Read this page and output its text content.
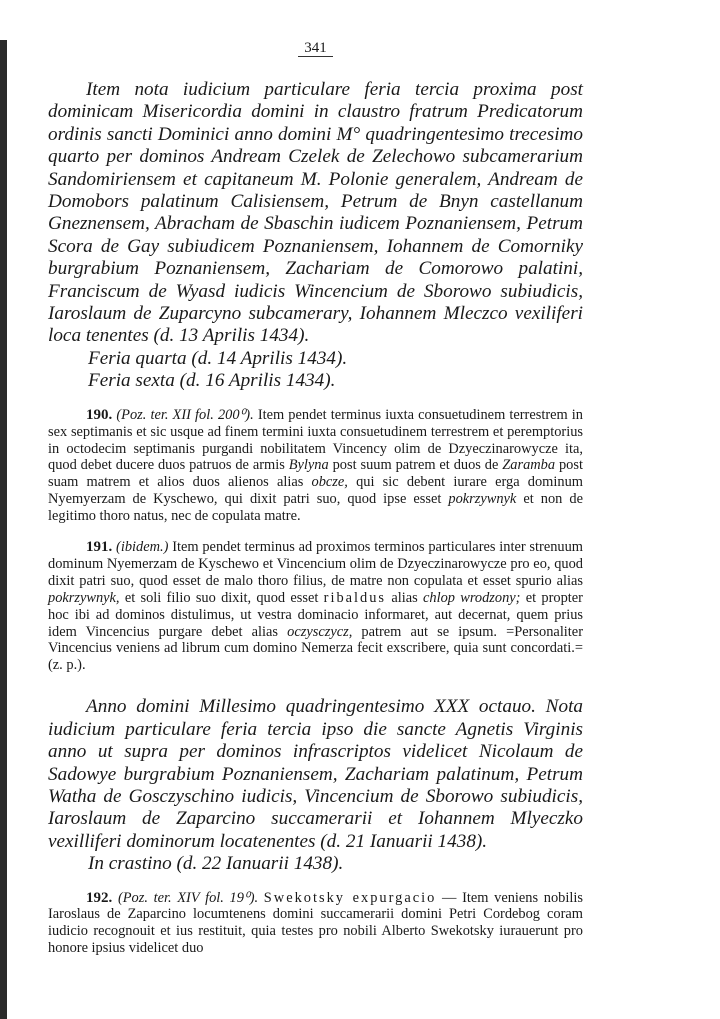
341

Item nota iudicium particulare feria tercia proxima post dominicam Misericordia domini in claustro fratrum Predicatorum ordinis sancti Dominici anno domini M° quadringentesimo trecesimo quarto per dominos Andream Czelek de Zelechowo subcamerarium Sandomiriensem et capitaneum M. Polonie generalem, Andream de Domobors palatinum Calisiensem, Petrum de Bnyn castellanum Gneznensem, Abracham de Sbaschin iudicem Poznaniensem, Petrum Scora de Gay subiudicem Poznaniensem, Iohannem de Comorniky burgrabium Poznaniensem, Zachariam de Comorowo palatini, Franciscum de Wyasd iudicis Wincencium de Sborowo subiudicis, Iaroslaum de Zuparcyno subcamerary, Iohannem Mleczco vexiliferi loca tenentes (d. 13 Aprilis 1434).

Feria quarta (d. 14 Aprilis 1434).

Feria sexta (d. 16 Aprilis 1434).

190. (Poz. ter. XII fol. 200⁰). Item pendet terminus iuxta consuetudinem terrestrem in sex septimanis et sic usque ad finem termini iuxta consuetudinem terrestrem et peremptorius in octodecim septimanis purgandi nobilitatem Vincency olim de Dzyeczinarowycze ita, quod debet ducere duos patruos de armis Bylyna post suum patrem et duos de Zaramba post suam matrem et alios duos alienos alias obcze, qui sic debent iurare erga dominum Nyemyerzam de Kyschewo, qui dixit patri suo, quod ipse esset pokrzywnyk et non de legitimo thoro natus, nec de copulata matre.

191. (ibidem.) Item pendet terminus ad proximos terminos particulares inter strenuum dominum Nyemerzam de Kyschewo et Vincencium olim de Dzyeczinarowycze pro eo, quod dixit patri suo, quod esset de malo thoro filius, de matre non copulata et esset spurio alias pokrzywnyk, et soli filio suo dixit, quod esset ribaldus alias chlop wrodzony; et propter hoc ibi ad dominos distulimus, ut vestra dominacio informaret, aut decernat, quem prius idem Vincencius purgare debet alias oczysczycz, patrem aut se ipsum. =Personaliter Vincencius veniens ad librum cum domino Nemerza fecit exscribere, quia sunt concordati.= (z. p.).

Anno domini Millesimo quadringentesimo XXX octauo. Nota iudicium particulare feria tercia ipso die sancte Agnetis Virginis anno ut supra per dominos infrascriptos videlicet Nicolaum de Sadowye burgrabium Poznaniensem, Zachariam palatinum, Petrum Watha de Gosczyschino iudicis, Vincencium de Sborowo subiudicis, Iaroslaum de Zaparcino succamerarii et Iohannem Mlyeczko vexilliferi dominorum locatenentes (d. 21 Ianuarii 1438).

In crastino (d. 22 Ianuarii 1438).

192. (Poz. ter. XIV fol. 19⁰). Swekotsky expurgacio — Item veniens nobilis Iaroslaus de Zaparcino locumtenens domini succamerarii domini Petri Cordebog coram iudicio recognouit et ius restituit, quia testes pro nobili Alberto Swekotsky iurauerunt pro honore ipsius videlicet duo
